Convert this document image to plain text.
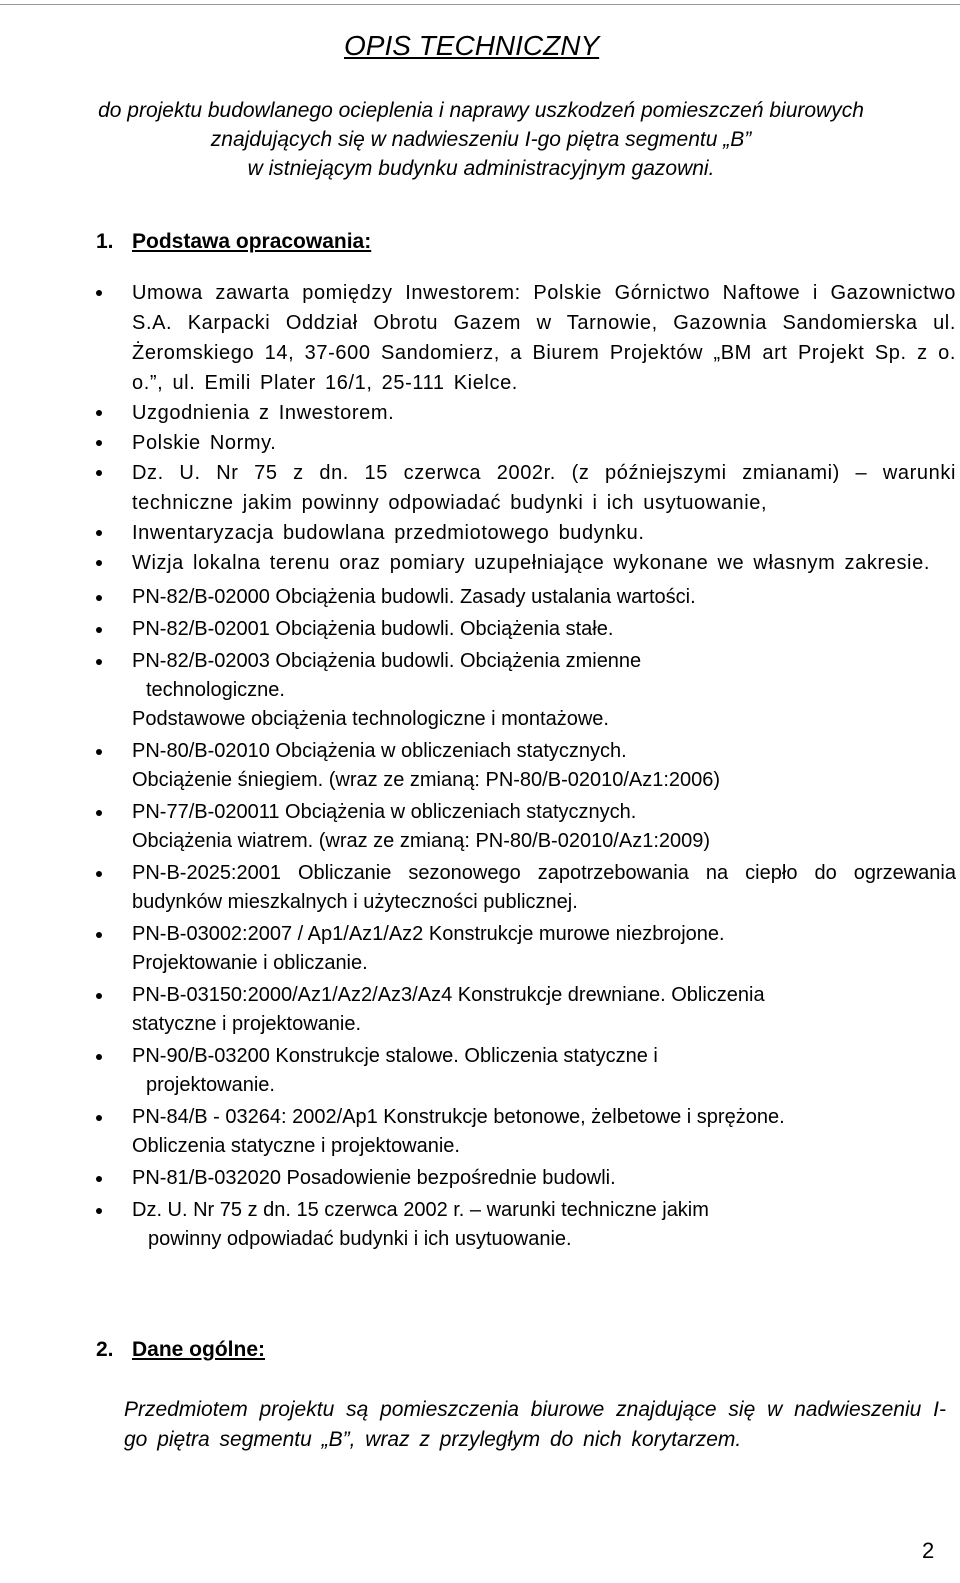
OPIS TECHNICZNY
do projektu budowlanego ocieplenia i naprawy uszkodzeń pomieszczeń biurowych
znajdujących się w nadwieszeniu I-go piętra segmentu „B”
w istniejącym budynku administracyjnym gazowni.
1. Podstawa opracowania:
Umowa zawarta pomiędzy Inwestorem: Polskie Górnictwo Naftowe i Gazownictwo S.A. Karpacki Oddział Obrotu Gazem w Tarnowie, Gazownia Sandomierska ul. Żeromskiego 14, 37-600 Sandomierz, a Biurem Projektów „BM art Projekt Sp. z o. o.”, ul. Emili Plater 16/1, 25-111 Kielce.
Uzgodnienia z Inwestorem.
Polskie Normy.
Dz. U. Nr 75 z dn. 15 czerwca 2002r. (z późniejszymi zmianami) – warunki techniczne jakim powinny odpowiadać budynki i ich usytuowanie,
Inwentaryzacja budowlana przedmiotowego budynku.
Wizja lokalna terenu oraz pomiary uzupełniające wykonane we własnym zakresie.
PN-82/B-02000 Obciążenia budowli. Zasady ustalania wartości.
PN-82/B-02001 Obciążenia budowli. Obciążenia stałe.
PN-82/B-02003 Obciążenia budowli. Obciążenia zmienne
technologiczne.
Podstawowe obciążenia technologiczne i montażowe.
PN-80/B-02010 Obciążenia w obliczeniach statycznych.
Obciążenie śniegiem. (wraz ze zmianą: PN-80/B-02010/Az1:2006)
PN-77/B-020011 Obciążenia w obliczeniach statycznych.
Obciążenia wiatrem. (wraz ze zmianą: PN-80/B-02010/Az1:2009)
PN-B-2025:2001 Obliczanie sezonowego zapotrzebowania na ciepło do ogrzewania budynków mieszkalnych i użyteczności publicznej.
PN-B-03002:2007 / Ap1/Az1/Az2 Konstrukcje murowe niezbrojone.
Projektowanie i obliczanie.
PN-B-03150:2000/Az1/Az2/Az3/Az4 Konstrukcje drewniane. Obliczenia
statyczne i projektowanie.
PN-90/B-03200 Konstrukcje stalowe. Obliczenia statyczne i
projektowanie.
PN-84/B - 03264: 2002/Ap1 Konstrukcje betonowe, żelbetowe i sprężone.
Obliczenia statyczne i projektowanie.
PN-81/B-032020 Posadowienie bezpośrednie budowli.
Dz. U. Nr 75 z dn. 15 czerwca 2002 r. – warunki techniczne jakim
powinny odpowiadać budynki i ich usytuowanie.
2. Dane ogólne:
Przedmiotem projektu są pomieszczenia biurowe znajdujące się w nadwieszeniu I-go piętra segmentu „B”, wraz z przyległym do nich korytarzem.
2
